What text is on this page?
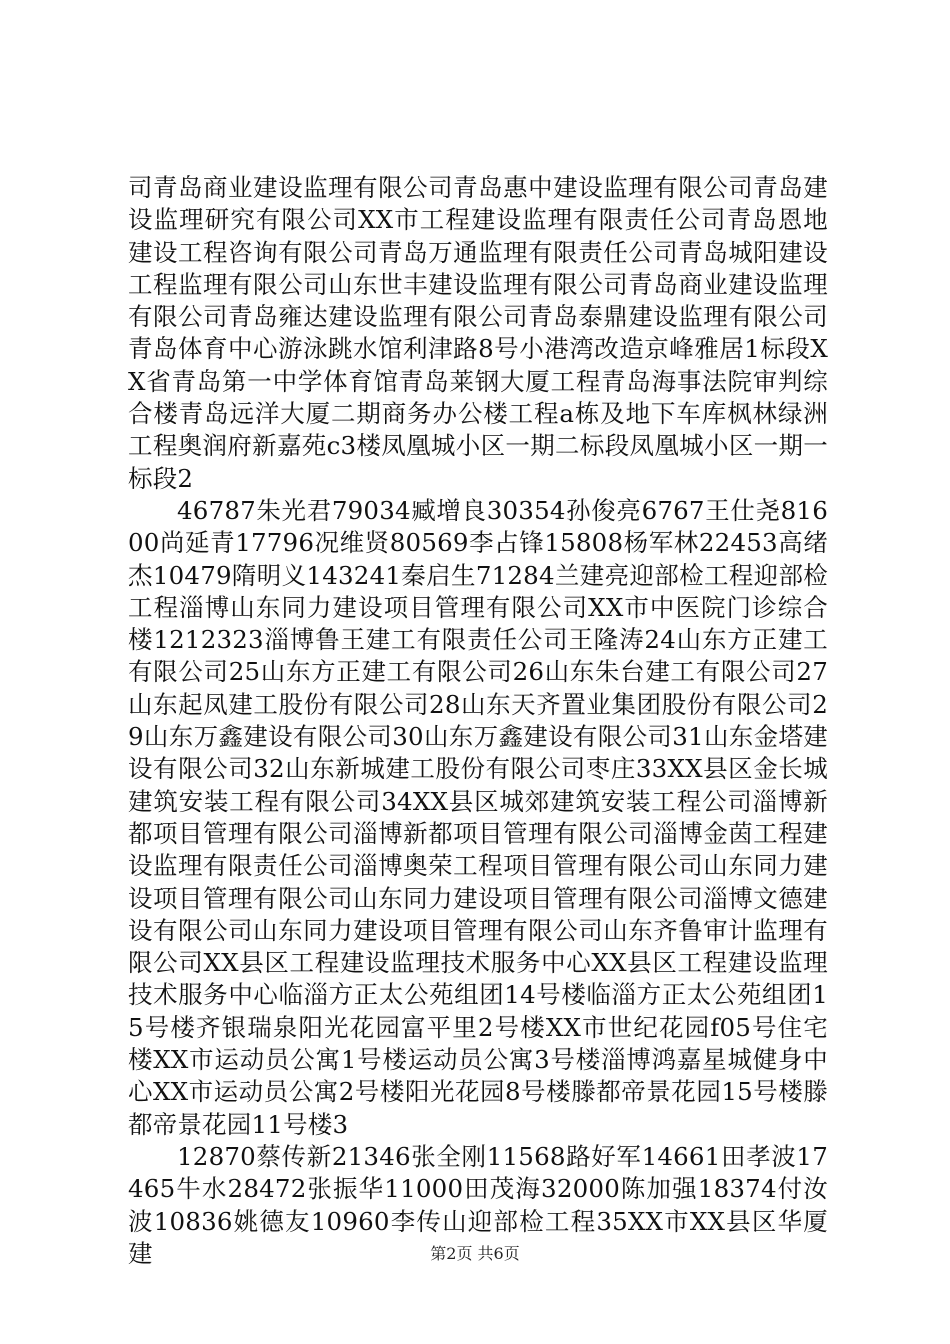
司青岛商业建设监理有限公司青岛惠中建设监理有限公司青岛建设监理研究有限公司XX市工程建设监理有限责任公司青岛恩地建设工程咨询有限公司青岛万通监理有限责任公司青岛城阳建设工程监理有限公司山东世丰建设监理有限公司青岛商业建设监理有限公司青岛雍达建设监理有限公司青岛泰鼎建设监理有限公司青岛体育中心游泳跳水馆利津路8号小港湾改造京峰雅居1标段XX省青岛第一中学体育馆青岛莱钢大厦工程青岛海事法院审判综合楼青岛远洋大厦二期商务办公楼工程a栋及地下车库枫林绿洲工程奥润府新嘉苑c3楼凤凰城小区一期二标段凤凰城小区一期一标段2

46787朱光君79034臧增良30354孙俊亮6767王仕尧81600尚延青17796况维贤80569李占锋15808杨军林22453高绪杰10479隋明义143241秦启生71284兰建亮迎部检工程迎部检工程淄博山东同力建设项目管理有限公司XX市中医院门诊综合楼1212323淄博鲁王建工有限责任公司王隆涛24山东方正建工有限公司25山东方正建工有限公司26山东朱台建工有限公司27山东起凤建工股份有限公司28山东天齐置业集团股份有限公司29山东万鑫建设有限公司30山东万鑫建设有限公司31山东金塔建设有限公司32山东新城建工股份有限公司枣庄33XX县区金长城建筑安装工程有限公司34XX县区城郊建筑安装工程公司淄博新都项目管理有限公司淄博新都项目管理有限公司淄博金茵工程建设监理有限责任公司淄博奥荣工程项目管理有限公司山东同力建设项目管理有限公司山东同力建设项目管理有限公司淄博文德建设有限公司山东同力建设项目管理有限公司山东齐鲁审计监理有限公司XX县区工程建设监理技术服务中心XX县区工程建设监理技术服务中心临淄方正太公苑组团14号楼临淄方正太公苑组团15号楼齐银瑞泉阳光花园富平里2号楼XX市世纪花园f05号住宅楼XX市运动员公寓1号楼运动员公寓3号楼淄博鸿嘉星城健身中心XX市运动员公寓2号楼阳光花园8号楼滕都帝景花园15号楼滕都帝景花园11号楼3

12870蔡传新21346张全刚11568路好军14661田孝波17465牛水28472张振华11000田茂海32000陈加强18374付汝波10836姚德友10960李传山迎部检工程35XX市XX县区华厦建	第2页 共6页
